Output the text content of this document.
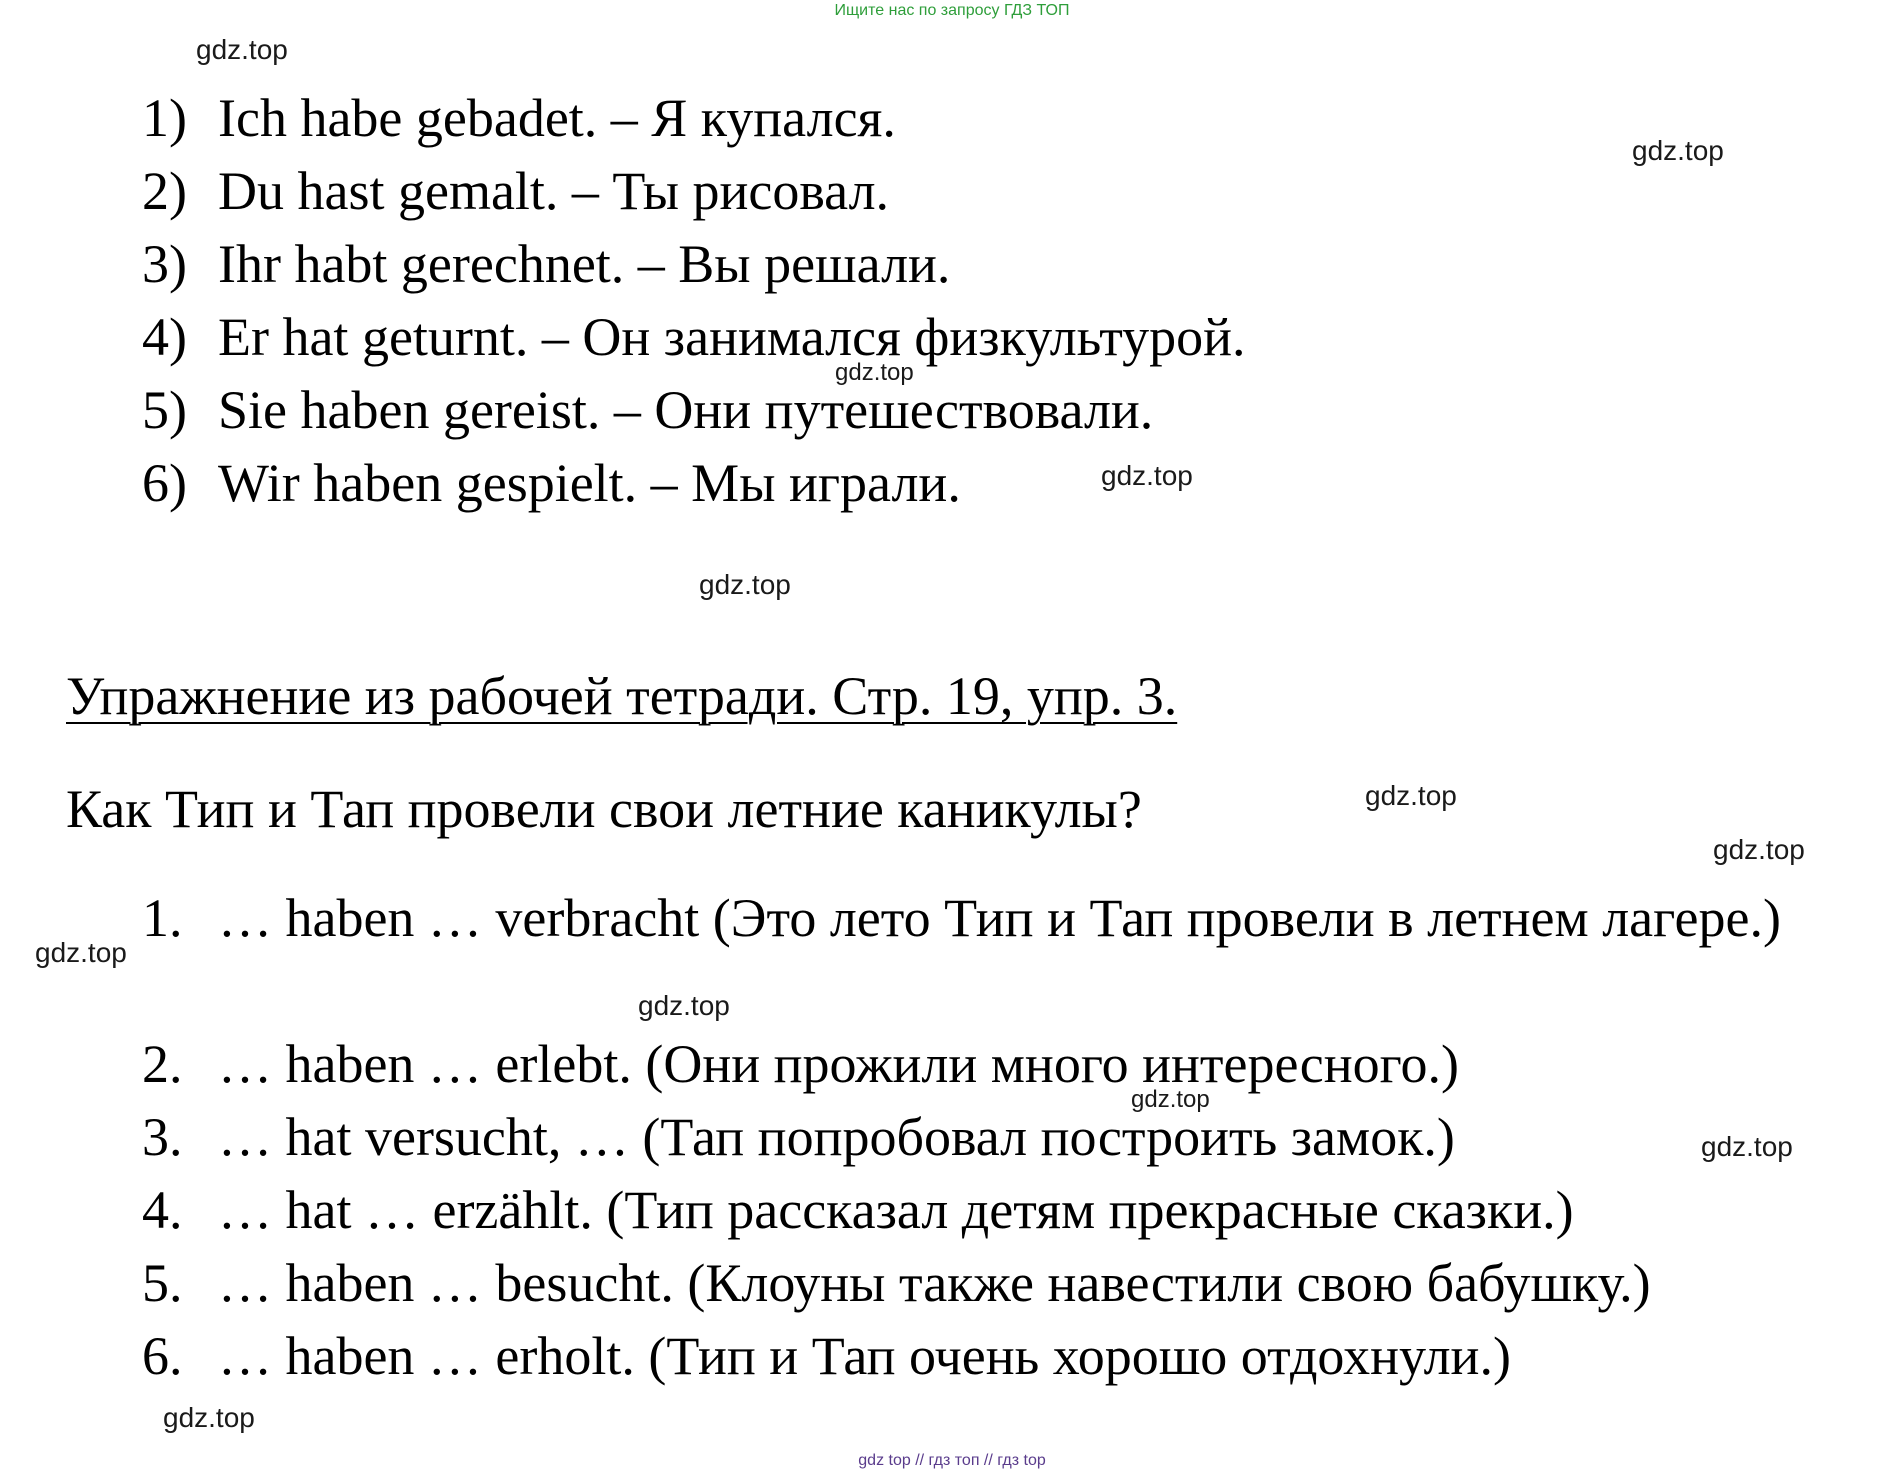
Ищите нас по запросу ГДЗ ТОП
gdz.top
gdz.top
gdz.top
gdz.top
gdz.top
gdz.top
gdz.top
gdz.top
gdz.top
gdz.top
gdz.top
gdz.top
1) Ich habe gebadet. – Я купался.
2) Du hast gemalt. – Ты рисовал.
3) Ihr habt gerechnet. – Вы решали.
4) Er hat geturnt. – Он занимался физкультурой.
5) Sie haben gereist. – Они путешествовали.
6) Wir haben gespielt. – Мы играли.
Упражнение из рабочей тетради. Стр. 19, упр. 3.
Как Тип и Тап провели свои летние каникулы?
1. … haben … verbracht (Это лето Тип и Тап провели в летнем лагере.)
2. … haben … erlebt. (Они прожили много интересного.)
3. … hat versucht, … (Тап попробовал построить замок.)
4. … hat … erzählt. (Тип рассказал детям прекрасные сказки.)
5. … haben … besucht. (Клоуны также навестили свою бабушку.)
6. … haben … erholt. (Тип и Тап очень хорошо отдохнули.)
gdz top // гдз топ // гдз top
